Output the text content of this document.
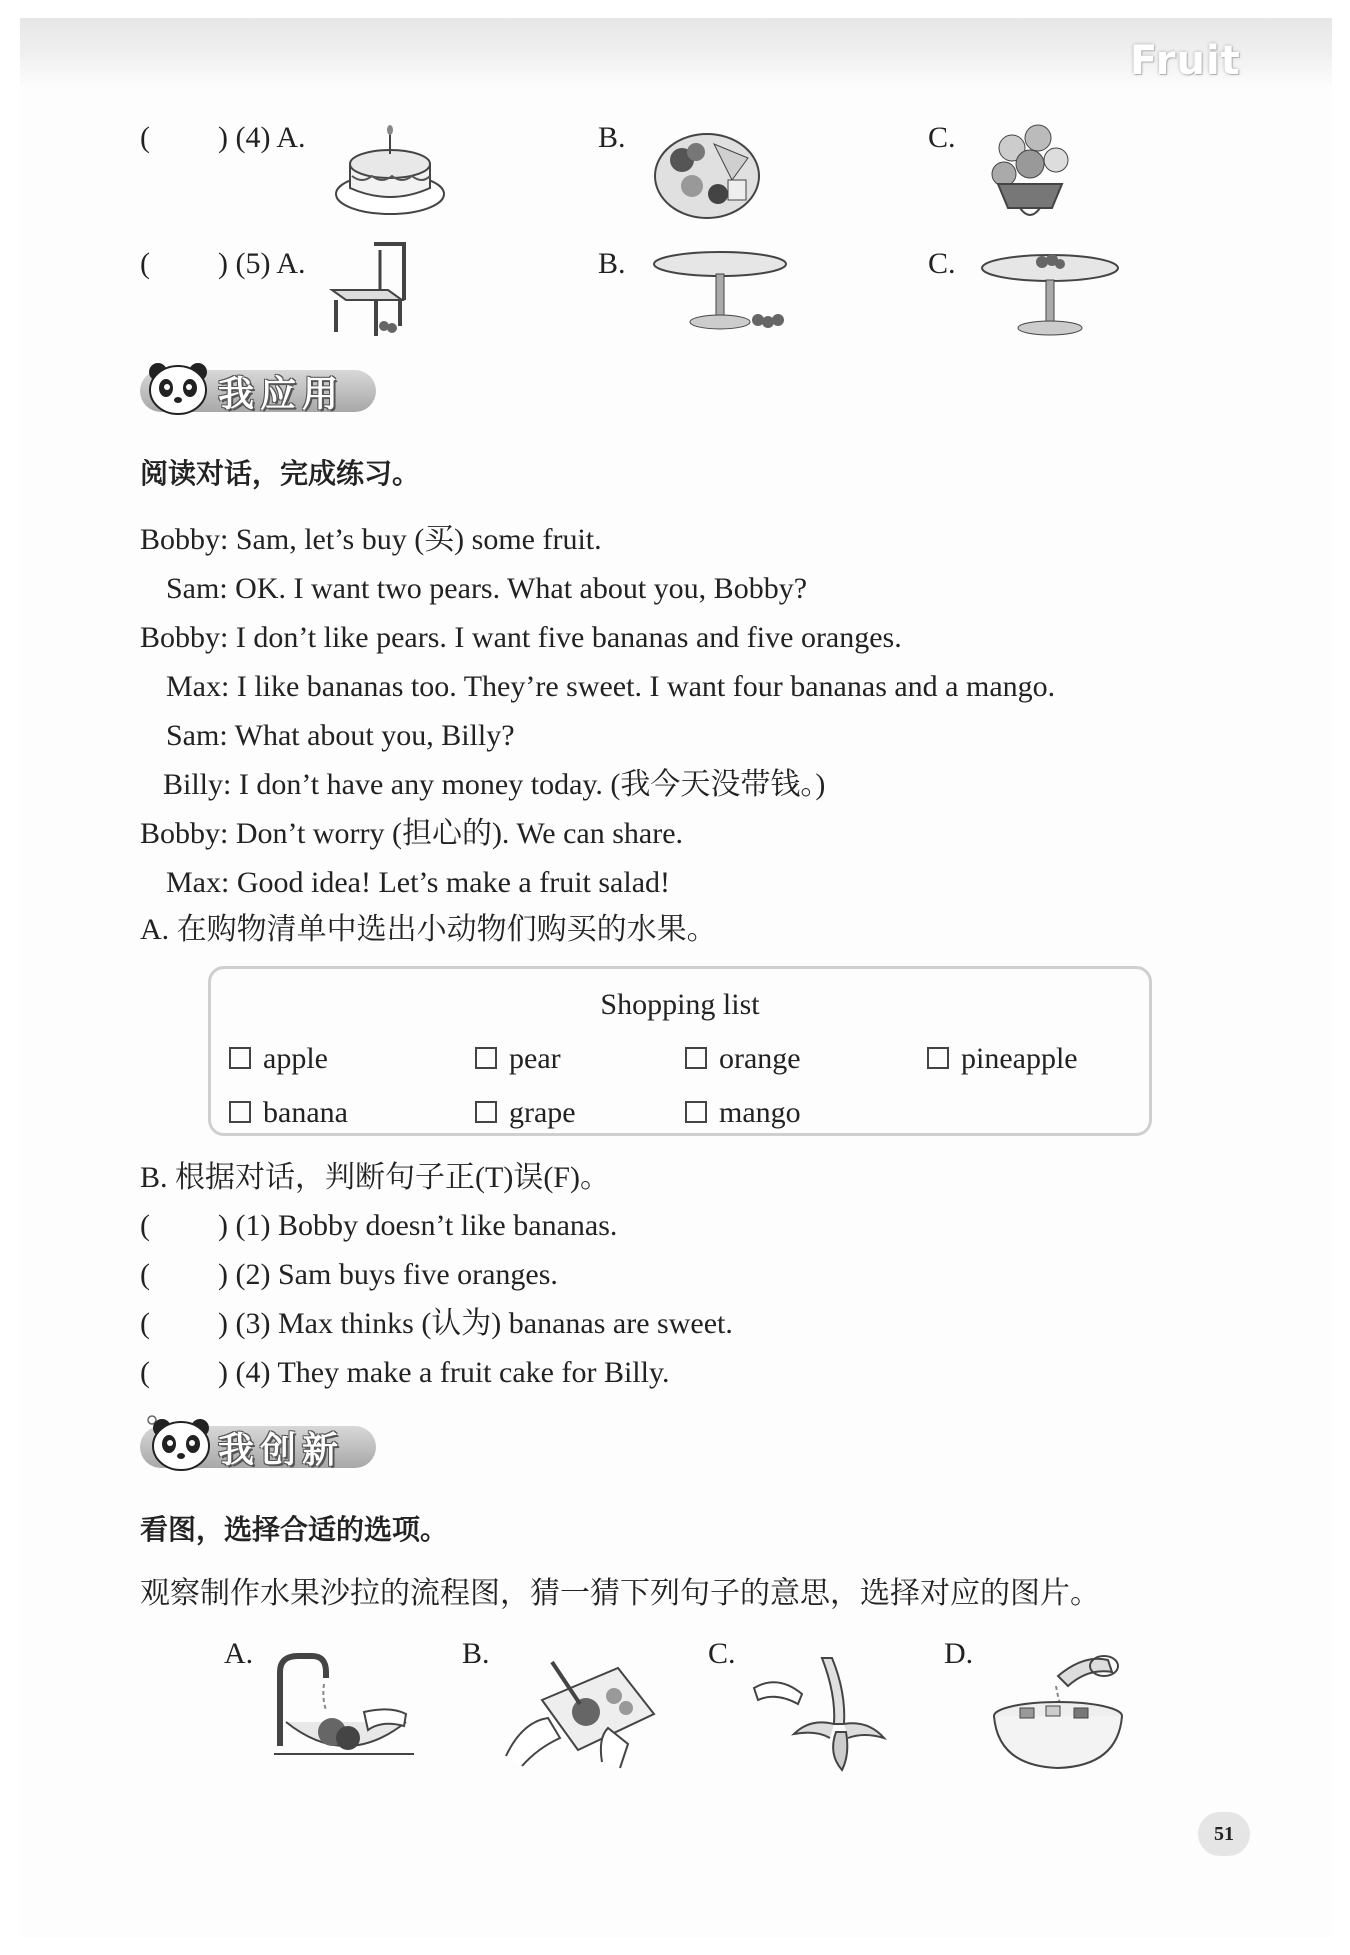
Fruit
( ) (4) A.	B.	C.
( ) (5) A.	B.	C.
我应用
阅读对话，完成练习。
Bobby: Sam, let’s buy (买) some fruit.
Sam: OK. I want two pears. What about you, Bobby?
Bobby: I don’t like pears. I want five bananas and five oranges.
Max: I like bananas too. They’re sweet. I want four bananas and a mango.
Sam: What about you, Billy?
Billy: I don’t have any money today. (我今天没带钱。)
Bobby: Don’t worry (担心的). We can share.
Max: Good idea! Let’s make a fruit salad!
A. 在购物清单中选出小动物们购买的水果。
Shopping list
apple	pear	orange	pineapple
banana	grape	mango
B. 根据对话，判断句子正(T)误(F)。
( ) (1) Bobby doesn’t like bananas.
( ) (2) Sam buys five oranges.
( ) (3) Max thinks (认为) bananas are sweet.
( ) (4) They make a fruit cake for Billy.
我创新
看图，选择合适的选项。
观察制作水果沙拉的流程图，猜一猜下列句子的意思，选择对应的图片。
A.	B.	C.	D.
51
